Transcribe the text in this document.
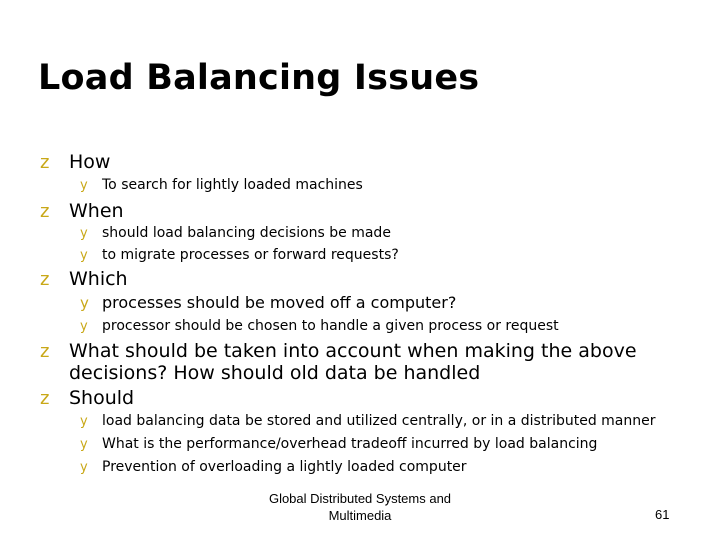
Load Balancing Issues
z How
y To search for lightly loaded machines
z When
y should load balancing decisions be made
y to migrate processes or forward requests?
z Which
y processes should be moved off a computer?
y processor should be chosen to handle a given process or request
z What should be taken into account when making the above
decisions? How should old data be handled
z Should
y load balancing data be stored and utilized centrally, or in a distributed manner
y What is the performance/overhead tradeoff incurred by load balancing
y Prevention of overloading a lightly loaded computer
Global Distributed Systems and
Multimedia	61
